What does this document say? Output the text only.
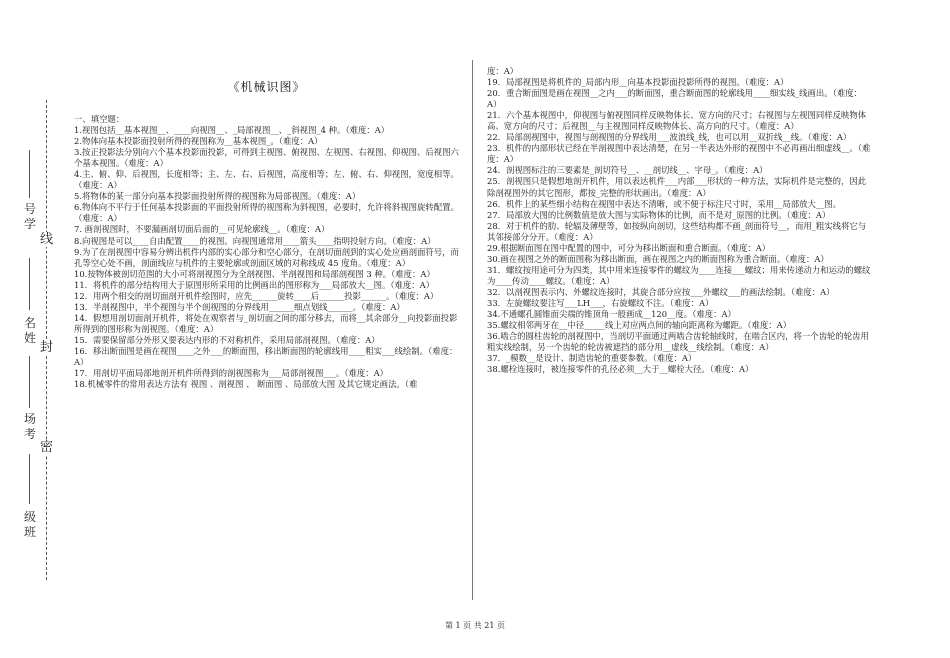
线
封
密
号学
名姓
场考
级班
《机械识图》

一、填空题：

1.视图包括__基本视图__、____向视图__、_局部视图__、_斜视图_4 种。（难度：A）

2.物体向基本投影面投射所得的视图称为__基本视图_。（难度：A）

3.按正投影法分别向六个基本投影面投影，可得到主视图、俯视图、左视图、右视图、仰视图、后视图六个基本视图。（难度：A）

4.主、俯、仰、后视图，长度相等；主、左、右、后视图，高度相等；左、俯、右、仰视图，宽度相等。（难度：A）

5.将物体的某一部分向基本投影面投射所得的视图称为局部视图。（难度：A）

6.物体向不平行于任何基本投影面的平面投射所得的视图称为斜视图，必要时，允许将斜视图旋转配置。（难度：A）

7. 画剖视图时，不要漏画剖切面后面的__可见轮廓线__。（难度：A）

8.向视图是可以____自由配置____的视图。向视图通常用____箭头____指明投射方向。（难度：A）

9.为了在剖视图中容易分辨出机件内部的实心部分和空心部分，在剖切面剖到的实心处应画剖面符号，而孔等空心处不画，剖面线应与机件的主要轮廓或剖面区域的对称线成 45 度角。（难度：A）

10.按物体被剖切范围的大小可将剖视图分为全剖视图、半剖视图和局部剖视图 3 种。（难度：A）

11．将机件的部分结构用大于原图形所采用的比例画出的图形称为___局部放大__图。（难度：A）

12．用两个相交的剖切面剖开机件绘图时，应先______旋转____后______投影______。（难度：A）

13．半剖视图中，半个视图与半个剖视图的分界线用______细点划线______。（难度：A）

14．假想用剖切面剖开机件，将处在观察者与_剖切面之间的部分移去，而将__其余部分__向投影面投影所得到的图形称为剖视图。（难度：A）

15．需要保留部分外形又要表达内形的不对称机件，采用局部剖视图。（难度：A）

16．移出断面图是画在视图____之外___的断面图，移出断面图的轮廓线用____粗实___线绘制。（难度：A）

17．用剖切平面局部地剖开机件所得到的剖视图称为___局部剖视图___。（难度：A）

18.机械零件的常用表达方法有 视图 、剖视图 、 断面图 、局部放大图 及其它规定画法。（难

度：A）

19．局部视图是将机件的_局部内形__向基本投影面投影所得的视图。（难度：A）

20．重合断面图是画在视图__之内___的断面图，重合断面图的轮廓线用____细实线_线画出。（难度：A）

21．六个基本视图中，仰视图与俯视图同样反映物体长、宽方向的尺寸；右视图与左视图同样反映物体高、宽方向的尺寸；后视图__与主视图同样反映物体长、高方向的尺寸。（难度：A）

22．局部剖视图中，视图与剖视图的分界线用___波浪线_线，也可以用__双折线__线。（难度：A）

23．机件的内部形状已经在半剖视图中表达清楚，在另一半表达外形的视图中不必再画出细虚线__。（难度：A）

24．剖视图标注的三要素是_剖切符号__、__剖切线__、字母_。（难度：A）

25．剖视图只是假想地剖开机件，用以表达机件___内部___形状的一种方法，实际机件是完整的，因此除剖视图外的其它图形，都按_完整的形状画出。（难度：A）

26．机件上的某些细小结构在视图中表达不清晰，或不便于标注尺寸时，采用__局部放大__图。

27．局部放大图的比例数值是放大图与实际物体的比例，而不是对_原图的比例。（难度：A）

28．对于机件的肋、轮辐及薄壁等，如按纵向剖切，这些结构都不画_剖面符号__，而用_粗实线将它与其邻接部分分开。（难度：A）

29.根据断面图在图中配置的图中，可分为移出断面和重合断面。（难度：A）

30.画在视图之外的断面图称为移出断面，画在视图之内的断面图称为重合断面。（难度：A）

31．螺纹按用途可分为四类，其中用来连接零件的螺纹为____连接___螺纹；用来传递动力和运动的螺纹为____传动____螺纹。（难度：A）

32．以剖视图表示内、外螺纹连接时，其旋合部分应按___外螺纹___的画法绘制。（难度：A）

33．左旋螺纹要注写___LH___，右旋螺纹不注。（难度：A）

34.不通螺孔圆锥面尖端的锥顶角一般画成__120__度。（难度：A）

35.螺纹相邻两牙在__中径_____线上对应两点间的轴向距离称为螺距。（难度：A）

36.啮合的圆柱齿轮的剖视图中，当剖切平面通过两啮合齿轮轴线时，在啮合区内，将一个齿轮的轮齿用粗实线绘制，另一个齿轮的轮齿被遮挡的部分用__虚线__线绘制。（难度：A）

37．_模数__是设计、制造齿轮的重要参数。（难度：A）

38.螺栓连接时，被连接零件的孔径必须__大于__螺栓大径。（难度：A）

第 1 页 共 21 页
